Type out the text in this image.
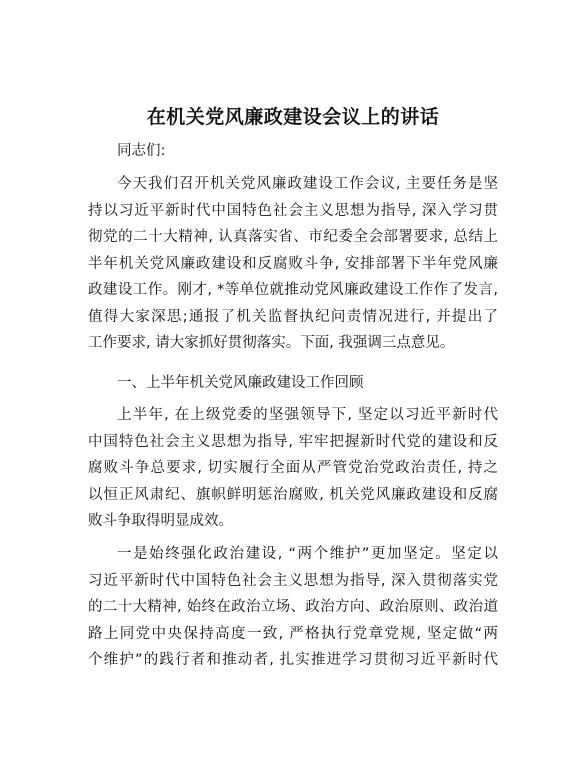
在机关党风廉政建设会议上的讲话
同志们:
今天我们召开机关党风廉政建设工作会议, 主要任务是坚
持以习近平新时代中国特色社会主义思想为指导, 深入学习贯
彻党的二十大精神, 认真落实省、市纪委全会部署要求, 总结上
半年机关党风廉政建设和反腐败斗争, 安排部署下半年党风廉
政建设工作。刚才, *等单位就推动党风廉政建设工作作了发言,
值得大家深思;通报了机关监督执纪问责情况进行, 并提出了
工作要求, 请大家抓好贯彻落实。下面, 我强调三点意见。
一、上半年机关党风廉政建设工作回顾
上半年, 在上级党委的坚强领导下, 坚定以习近平新时代
中国特色社会主义思想为指导, 牢牢把握新时代党的建设和反
腐败斗争总要求, 切实履行全面从严管党治党政治责任, 持之
以恒正风肃纪、旗帜鲜明惩治腐败, 机关党风廉政建设和反腐
败斗争取得明显成效。
一是始终强化政治建设, “两个维护”更加坚定。坚定以
习近平新时代中国特色社会主义思想为指导, 深入贯彻落实党
的二十大精神, 始终在政治立场、政治方向、政治原则、政治道
路上同党中央保持高度一致, 严格执行党章党规, 坚定做“两
个维护”的践行者和推动者, 扎实推进学习贯彻习近平新时代
